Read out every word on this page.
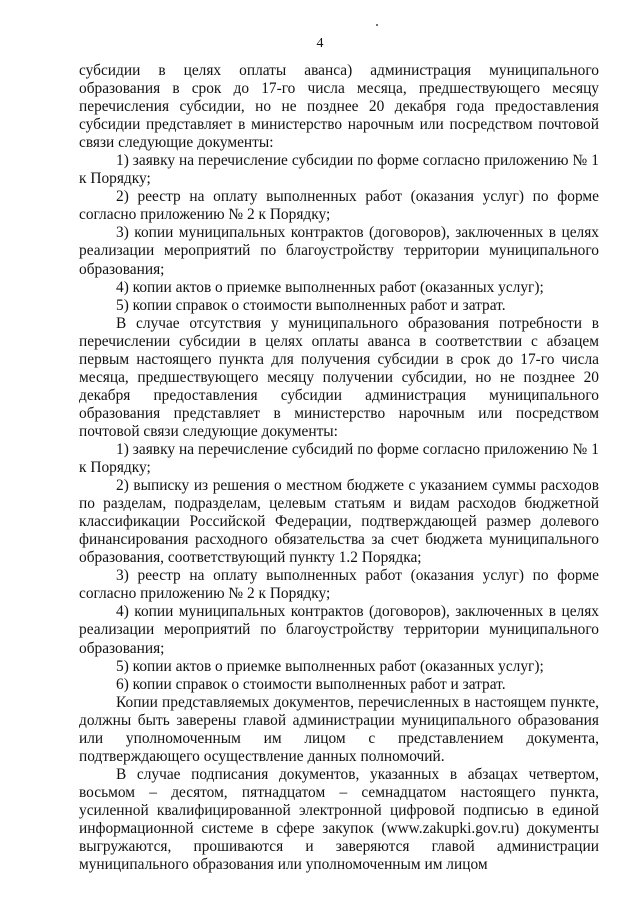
4

субсидии в целях оплаты аванса) администрация муниципального образования в срок до 17-го числа месяца, предшествующего месяцу перечисления субсидии, но не позднее 20 декабря года предоставления субсидии представляет в министерство нарочным или посредством почтовой связи следующие документы:

1) заявку на перечисление субсидии по форме согласно приложению № 1 к Порядку;

2) реестр на оплату выполненных работ (оказания услуг) по форме согласно приложению № 2 к Порядку;

3) копии муниципальных контрактов (договоров), заключенных в целях реализации мероприятий по благоустройству территории муниципального образования;

4) копии актов о приемке выполненных работ (оказанных услуг);

5) копии справок о стоимости выполненных работ и затрат.

В случае отсутствия у муниципального образования потребности в перечислении субсидии в целях оплаты аванса в соответствии с абзацем первым настоящего пункта для получения субсидии в срок до 17-го числа месяца, предшествующего месяцу получении субсидии, но не позднее 20 декабря предоставления субсидии администрация муниципального образования представляет в министерство нарочным или посредством почтовой связи следующие документы:

1) заявку на перечисление субсидий по форме согласно приложению № 1 к Порядку;

2) выписку из решения о местном бюджете с указанием суммы расходов по разделам, подразделам, целевым статьям и видам расходов бюджетной классификации Российской Федерации, подтверждающей размер долевого финансирования расходного обязательства за счет бюджета муниципального образования, соответствующий пункту 1.2 Порядка;

3) реестр на оплату выполненных работ (оказания услуг) по форме согласно приложению № 2 к Порядку;

4) копии муниципальных контрактов (договоров), заключенных в целях реализации мероприятий по благоустройству территории муниципального образования;

5) копии актов о приемке выполненных работ (оказанных услуг);

6) копии справок о стоимости выполненных работ и затрат.

Копии представляемых документов, перечисленных в настоящем пункте, должны быть заверены главой администрации муниципального образования или уполномоченным им лицом с представлением документа, подтверждающего осуществление данных полномочий.

В случае подписания документов, указанных в абзацах четвертом, восьмом – десятом, пятнадцатом – семнадцатом настоящего пункта, усиленной квалифицированной электронной цифровой подписью в единой информационной системе в сфере закупок (www.zakupki.gov.ru) документы выгружаются, прошиваются и заверяются главой администрации муниципального образования или уполномоченным им лицом
